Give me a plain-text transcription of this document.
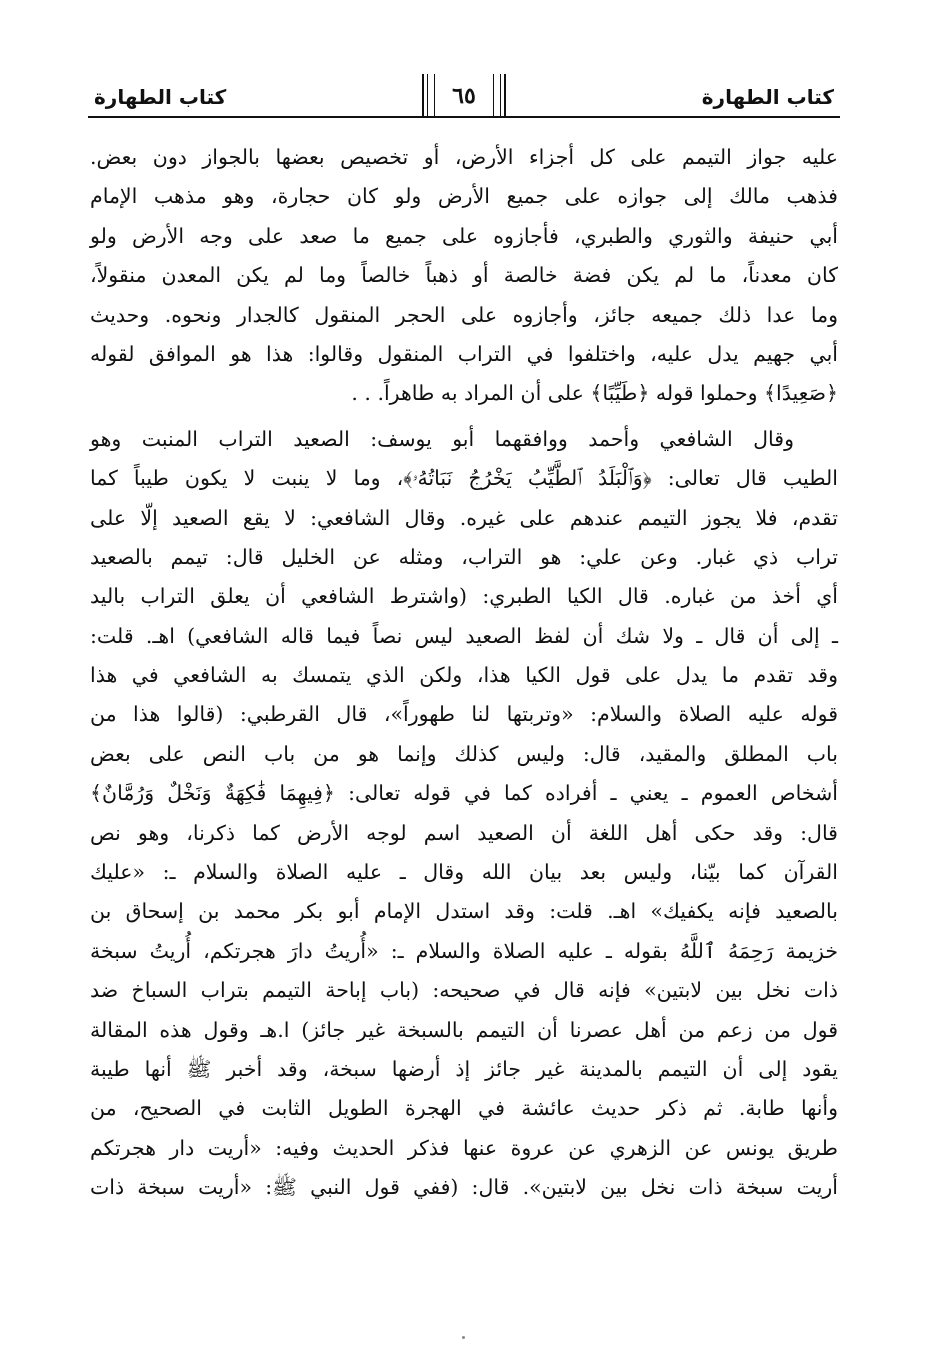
كتاب الطهارة
٦٥
كتاب الطهارة
عليه جواز التيمم على كل أجزاء الأرض، أو تخصيص بعضها بالجواز دون بعض.
فذهب مالك إلى جوازه على جميع الأرض ولو كان حجارة، وهو مذهب الإمام
أبي حنيفة والثوري والطبري، فأجازوه على جميع ما صعد على وجه الأرض ولو
كان معدناً، ما لم يكن فضة خالصة أو ذهباً خالصاً وما لم يكن المعدن منقولاً،
وما عدا ذلك جميعه جائز، وأجازوه على الحجر المنقول كالجدار ونحوه. وحديث
أبي جهيم يدل عليه، واختلفوا في التراب المنقول وقالوا: هذا هو الموافق لقوله
﴿صَعِيدًا﴾ وحملوا قوله ﴿طَيِّبًا﴾ على أن المراد به طاهراً. . .
وقال الشافعي وأحمد ووافقهما أبو يوسف: الصعيد التراب المنبت وهو
الطيب قال تعالى: ﴿وَٱلْبَلَدُ ٱلطَّيِّبُ يَخْرُجُ نَبَاتُهُۥ﴾، وما لا ينبت لا يكون طيباً كما
تقدم، فلا يجوز التيمم عندهم على غيره. وقال الشافعي: لا يقع الصعيد إلّا على
تراب ذي غبار. وعن علي: هو التراب، ومثله عن الخليل قال: تيمم بالصعيد
أي أخذ من غباره. قال الكيا الطبري: (واشترط الشافعي أن يعلق التراب باليد
ـ إلى أن قال ـ ولا شك أن لفظ الصعيد ليس نصاً فيما قاله الشافعي) اهـ. قلت:
وقد تقدم ما يدل على قول الكيا هذا، ولكن الذي يتمسك به الشافعي في هذا
قوله عليه الصلاة والسلام: «وتربتها لنا طهوراً»، قال القرطبي: (قالوا هذا من
باب المطلق والمقيد، قال: وليس كذلك وإنما هو من باب النص على بعض
أشخاص العموم ـ يعني ـ أفراده كما في قوله تعالى: ﴿فِيهِمَا فَٰكِهَةٌ وَنَخْلٌ وَرُمَّانٌ﴾
قال: وقد حكى أهل اللغة أن الصعيد اسم لوجه الأرض كما ذكرنا، وهو نص
القرآن كما بيّنا، وليس بعد بيان الله وقال ـ عليه الصلاة والسلام ـ: «عليك
بالصعيد فإنه يكفيك» اهـ. قلت: وقد استدل الإمام أبو بكر محمد بن إسحاق بن
خزيمة رَحِمَهُ ٱللَّهُ بقوله ـ عليه الصلاة والسلام ـ: «أُريتُ دارَ هجرتكم، أُريتُ سبخة
ذات نخل بين لابتين» فإنه قال في صحيحه: (باب إباحة التيمم بتراب السباخ ضد
قول من زعم من أهل عصرنا أن التيمم بالسبخة غير جائز) ا.هـ وقول هذه المقالة
يقود إلى أن التيمم بالمدينة غير جائز إذ أرضها سبخة، وقد أخبر ﷺ أنها طيبة
وأنها طابة. ثم ذكر حديث عائشة في الهجرة الطويل الثابت في الصحيح، من
طريق يونس عن الزهري عن عروة عنها فذكر الحديث وفيه: «أريت دار هجرتكم
أريت سبخة ذات نخل بين لابتين». قال: (ففي قول النبي ﷺ: «أريت سبخة ذات
